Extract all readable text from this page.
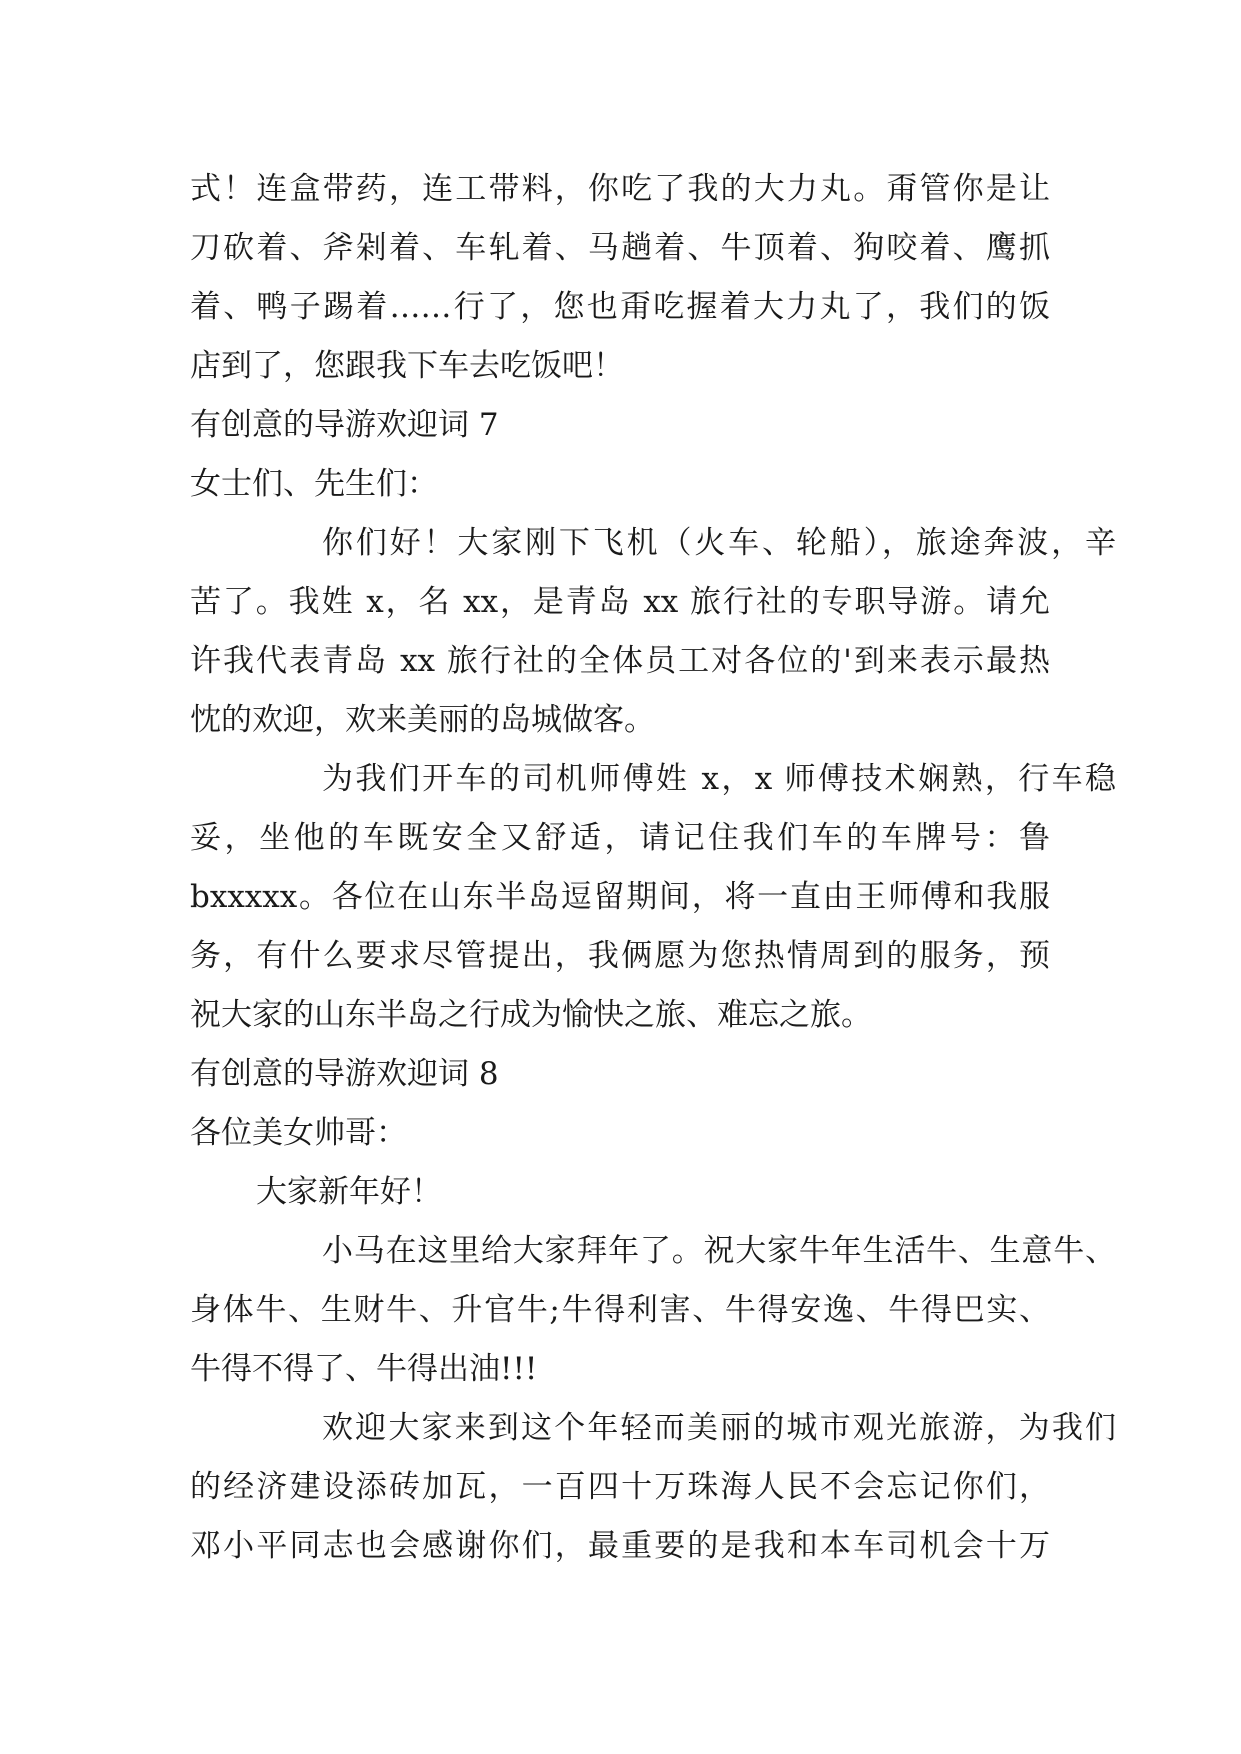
式！连盒带药，连工带料，你吃了我的大力丸。甭管你是让
刀砍着、斧剁着、车轧着、马趟着、牛顶着、狗咬着、鹰抓
着、鸭子踢着……行了，您也甭吃握着大力丸了，我们的饭
店到了，您跟我下车去吃饭吧！
有创意的导游欢迎词 7
女士们、先生们：
你们好！大家刚下飞机（火车、轮船），旅途奔波，辛
苦了。我姓 x，名 xx，是青岛 xx 旅行社的专职导游。请允
许我代表青岛 xx 旅行社的全体员工对各位的'到来表示最热
忱的欢迎，欢来美丽的岛城做客。
为我们开车的司机师傅姓 x，x 师傅技术娴熟，行车稳
妥，坐他的车既安全又舒适，请记住我们车的车牌号：鲁
bxxxxx。各位在山东半岛逗留期间，将一直由王师傅和我服
务，有什么要求尽管提出，我俩愿为您热情周到的服务，预
祝大家的山东半岛之行成为愉快之旅、难忘之旅。
有创意的导游欢迎词 8
各位美女帅哥：
大家新年好！
小马在这里给大家拜年了。祝大家牛年生活牛、生意牛、
身体牛、生财牛、升官牛;牛得利害、牛得安逸、牛得巴实、
牛得不得了、牛得出油!!!
欢迎大家来到这个年轻而美丽的城市观光旅游，为我们
的经济建设添砖加瓦，一百四十万珠海人民不会忘记你们，
邓小平同志也会感谢你们，最重要的是我和本车司机会十万
